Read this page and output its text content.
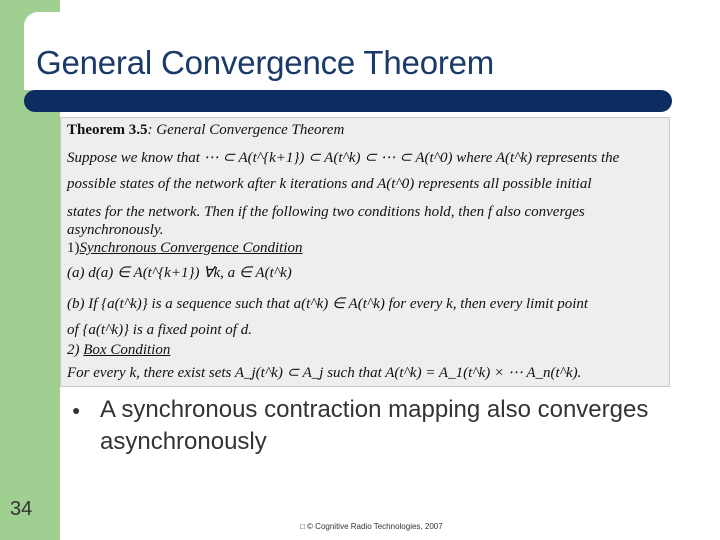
General Convergence Theorem
Theorem 3.5: General Convergence Theorem
Suppose we know that ⋯ ⊂ A(t^{k+1}) ⊂ A(t^k) ⊂ ⋯ ⊂ A(t^0) where A(t^k) represents the
possible states of the network after k iterations and A(t^0) represents all possible initial
states for the network. Then if the following two conditions hold, then f also converges
asynchronously.
1)Synchronous Convergence Condition
(a) d(a) ∈ A(t^{k+1}) ∀k, a ∈ A(t^k)
(b) If {a(t^k)} is a sequence such that a(t^k) ∈ A(t^k) for every k, then every limit point
of {a(t^k)} is a fixed point of d.
2) Box Condition
For every k, there exist sets A_j(t^k) ⊂ A_j such that A(t^k) = A_1(t^k) × ⋯ A_n(t^k).
● A synchronous contraction mapping also converges asynchronously
34
□ © Cognitive Radio Technologies, 2007
